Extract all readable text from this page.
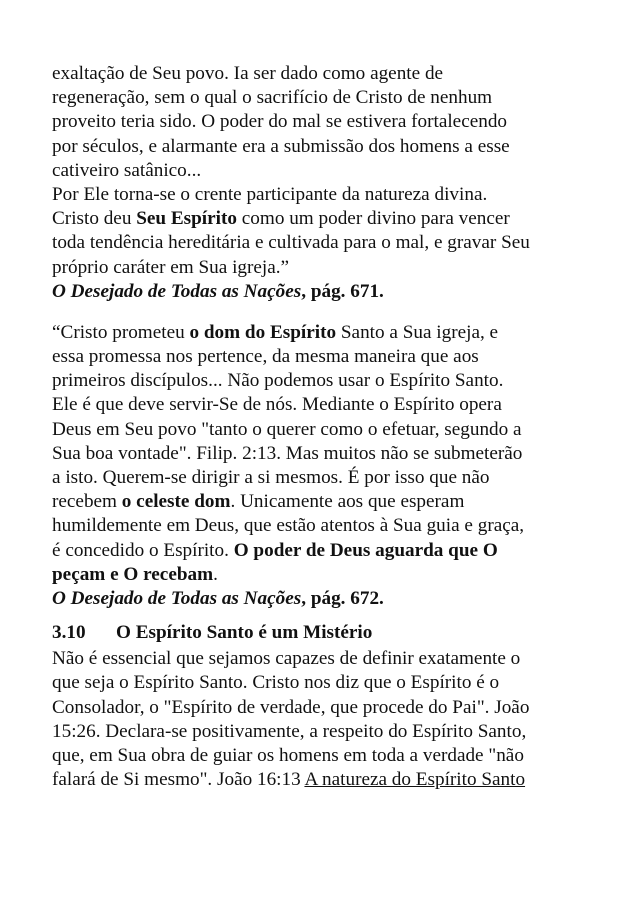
exaltação de Seu povo. Ia ser dado como agente de
regeneração, sem o qual o sacrifício de Cristo de nenhum
proveito teria sido. O poder do mal se estivera fortalecendo
por séculos, e alarmante era a submissão dos homens a esse
cativeiro satânico...
Por Ele torna-se o crente participante da natureza divina.
Cristo deu Seu Espírito como um poder divino para vencer
toda tendência hereditária e cultivada para o mal, e gravar Seu
próprio caráter em Sua igreja.”
O Desejado de Todas as Nações, pág. 671.
“Cristo prometeu o dom do Espírito Santo a Sua igreja, e
essa promessa nos pertence, da mesma maneira que aos
primeiros discípulos... Não podemos usar o Espírito Santo.
Ele é que deve servir-Se de nós. Mediante o Espírito opera
Deus em Seu povo "tanto o querer como o efetuar, segundo a
Sua boa vontade". Filip. 2:13. Mas muitos não se submeterão
a isto. Querem-se dirigir a si mesmos. É por isso que não
recebem o celeste dom. Unicamente aos que esperam
humildemente em Deus, que estão atentos à Sua guia e graça,
é concedido o Espírito. O poder de Deus aguarda que O
peçam e O recebam.
O Desejado de Todas as Nações, pág. 672.
3.10 O Espírito Santo é um Mistério
Não é essencial que sejamos capazes de definir exatamente o
que seja o Espírito Santo. Cristo nos diz que o Espírito é o
Consolador, o "Espírito de verdade, que procede do Pai". João
15:26. Declara-se positivamente, a respeito do Espírito Santo,
que, em Sua obra de guiar os homens em toda a verdade "não
falará de Si mesmo". João 16:13 A natureza do Espírito Santo
